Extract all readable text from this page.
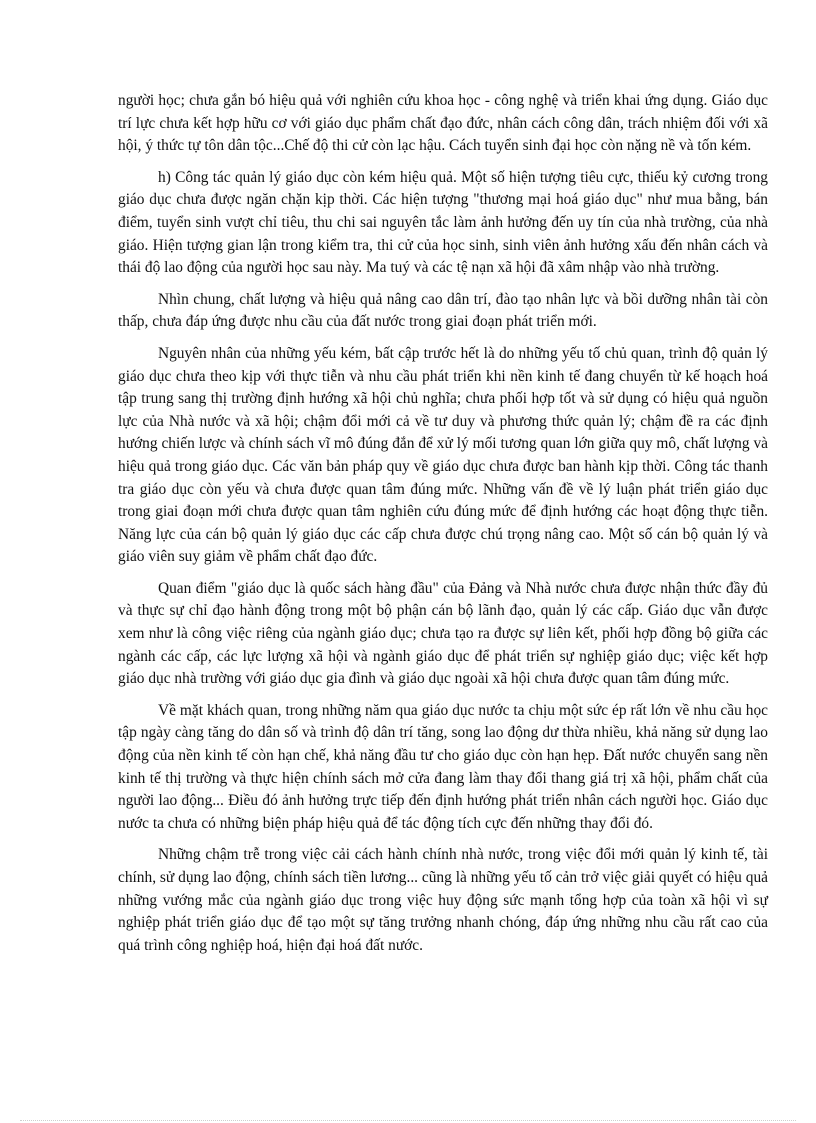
người học; chưa gắn bó hiệu quả với nghiên cứu khoa học - công nghệ và triển khai ứng dụng. Giáo dục trí lực chưa kết hợp hữu cơ với giáo dục phẩm chất đạo đức, nhân cách công dân, trách nhiệm đối với xã hội, ý thức tự tôn dân tộc...Chế độ thi cử còn lạc hậu. Cách tuyển sinh đại học còn nặng nề và tốn kém.

h) Công tác quản lý giáo dục còn kém hiệu quả. Một số hiện tượng tiêu cực, thiếu kỷ cương trong giáo dục chưa được ngăn chặn kịp thời. Các hiện tượng "thương mại hoá giáo dục" như mua bằng, bán điểm, tuyển sinh vượt chỉ tiêu, thu chi sai nguyên tắc làm ảnh hưởng đến uy tín của nhà trường, của nhà giáo. Hiện tượng gian lận trong kiểm tra, thi cử của học sinh, sinh viên ảnh hưởng xấu đến nhân cách và thái độ lao động của người học sau này. Ma tuý và các tệ nạn xã hội đã xâm nhập vào nhà trường.

Nhìn chung, chất lượng và hiệu quả nâng cao dân trí, đào tạo nhân lực và bồi dưỡng nhân tài còn thấp, chưa đáp ứng được nhu cầu của đất nước trong giai đoạn phát triển mới.

Nguyên nhân của những yếu kém, bất cập trước hết là do những yếu tố chủ quan, trình độ quản lý giáo dục chưa theo kịp với thực tiễn và nhu cầu phát triển khi nền kinh tế đang chuyển từ kế hoạch hoá tập trung sang thị trường định hướng xã hội chủ nghĩa; chưa phối hợp tốt và sử dụng có hiệu quả nguồn lực của Nhà nước và xã hội; chậm đổi mới cả về tư duy và phương thức quản lý; chậm đề ra các định hướng chiến lược và chính sách vĩ mô đúng đắn để xử lý mối tương quan lớn giữa quy mô, chất lượng và hiệu quả trong giáo dục. Các văn bản pháp quy về giáo dục chưa được ban hành kịp thời. Công tác thanh tra giáo dục còn yếu và chưa được quan tâm đúng mức. Những vấn đề về lý luận phát triển giáo dục trong giai đoạn mới chưa được quan tâm nghiên cứu đúng mức để định hướng các hoạt động thực tiễn. Năng lực của cán bộ quản lý giáo dục các cấp chưa được chú trọng nâng cao. Một số cán bộ quản lý và giáo viên suy giảm về phẩm chất đạo đức.

Quan điểm "giáo dục là quốc sách hàng đầu" của Đảng và Nhà nước chưa được nhận thức đầy đủ và thực sự chỉ đạo hành động trong một bộ phận cán bộ lãnh đạo, quản lý các cấp. Giáo dục vẫn được xem như là công việc riêng của ngành giáo dục; chưa tạo ra được sự liên kết, phối hợp đồng bộ giữa các ngành các cấp, các lực lượng xã hội và ngành giáo dục để phát triển sự nghiệp giáo dục; việc kết hợp giáo dục nhà trường với giáo dục gia đình và giáo dục ngoài xã hội chưa được quan tâm đúng mức.

Về mặt khách quan, trong những năm qua giáo dục nước ta chịu một sức ép rất lớn về nhu cầu học tập ngày càng tăng do dân số và trình độ dân trí tăng, song lao động dư thừa nhiều, khả năng sử dụng lao động của nền kinh tế còn hạn chế, khả năng đầu tư cho giáo dục còn hạn hẹp. Đất nước chuyển sang nền kinh tế thị trường và thực hiện chính sách mở cửa đang làm thay đổi thang giá trị xã hội, phẩm chất của người lao động... Điều đó ảnh hưởng trực tiếp đến định hướng phát triển nhân cách người học. Giáo dục nước ta chưa có những biện pháp hiệu quả để tác động tích cực đến những thay đổi đó.

Những chậm trễ trong việc cải cách hành chính nhà nước, trong việc đổi mới quản lý kinh tế, tài chính, sử dụng lao động, chính sách tiền lương... cũng là những yếu tố cản trở việc giải quyết có hiệu quả những vướng mắc của ngành giáo dục trong việc huy động sức mạnh tổng hợp của toàn xã hội vì sự nghiệp phát triển giáo dục để tạo một sự tăng trưởng nhanh chóng, đáp ứng những nhu cầu rất cao của quá trình công nghiệp hoá, hiện đại hoá đất nước.
